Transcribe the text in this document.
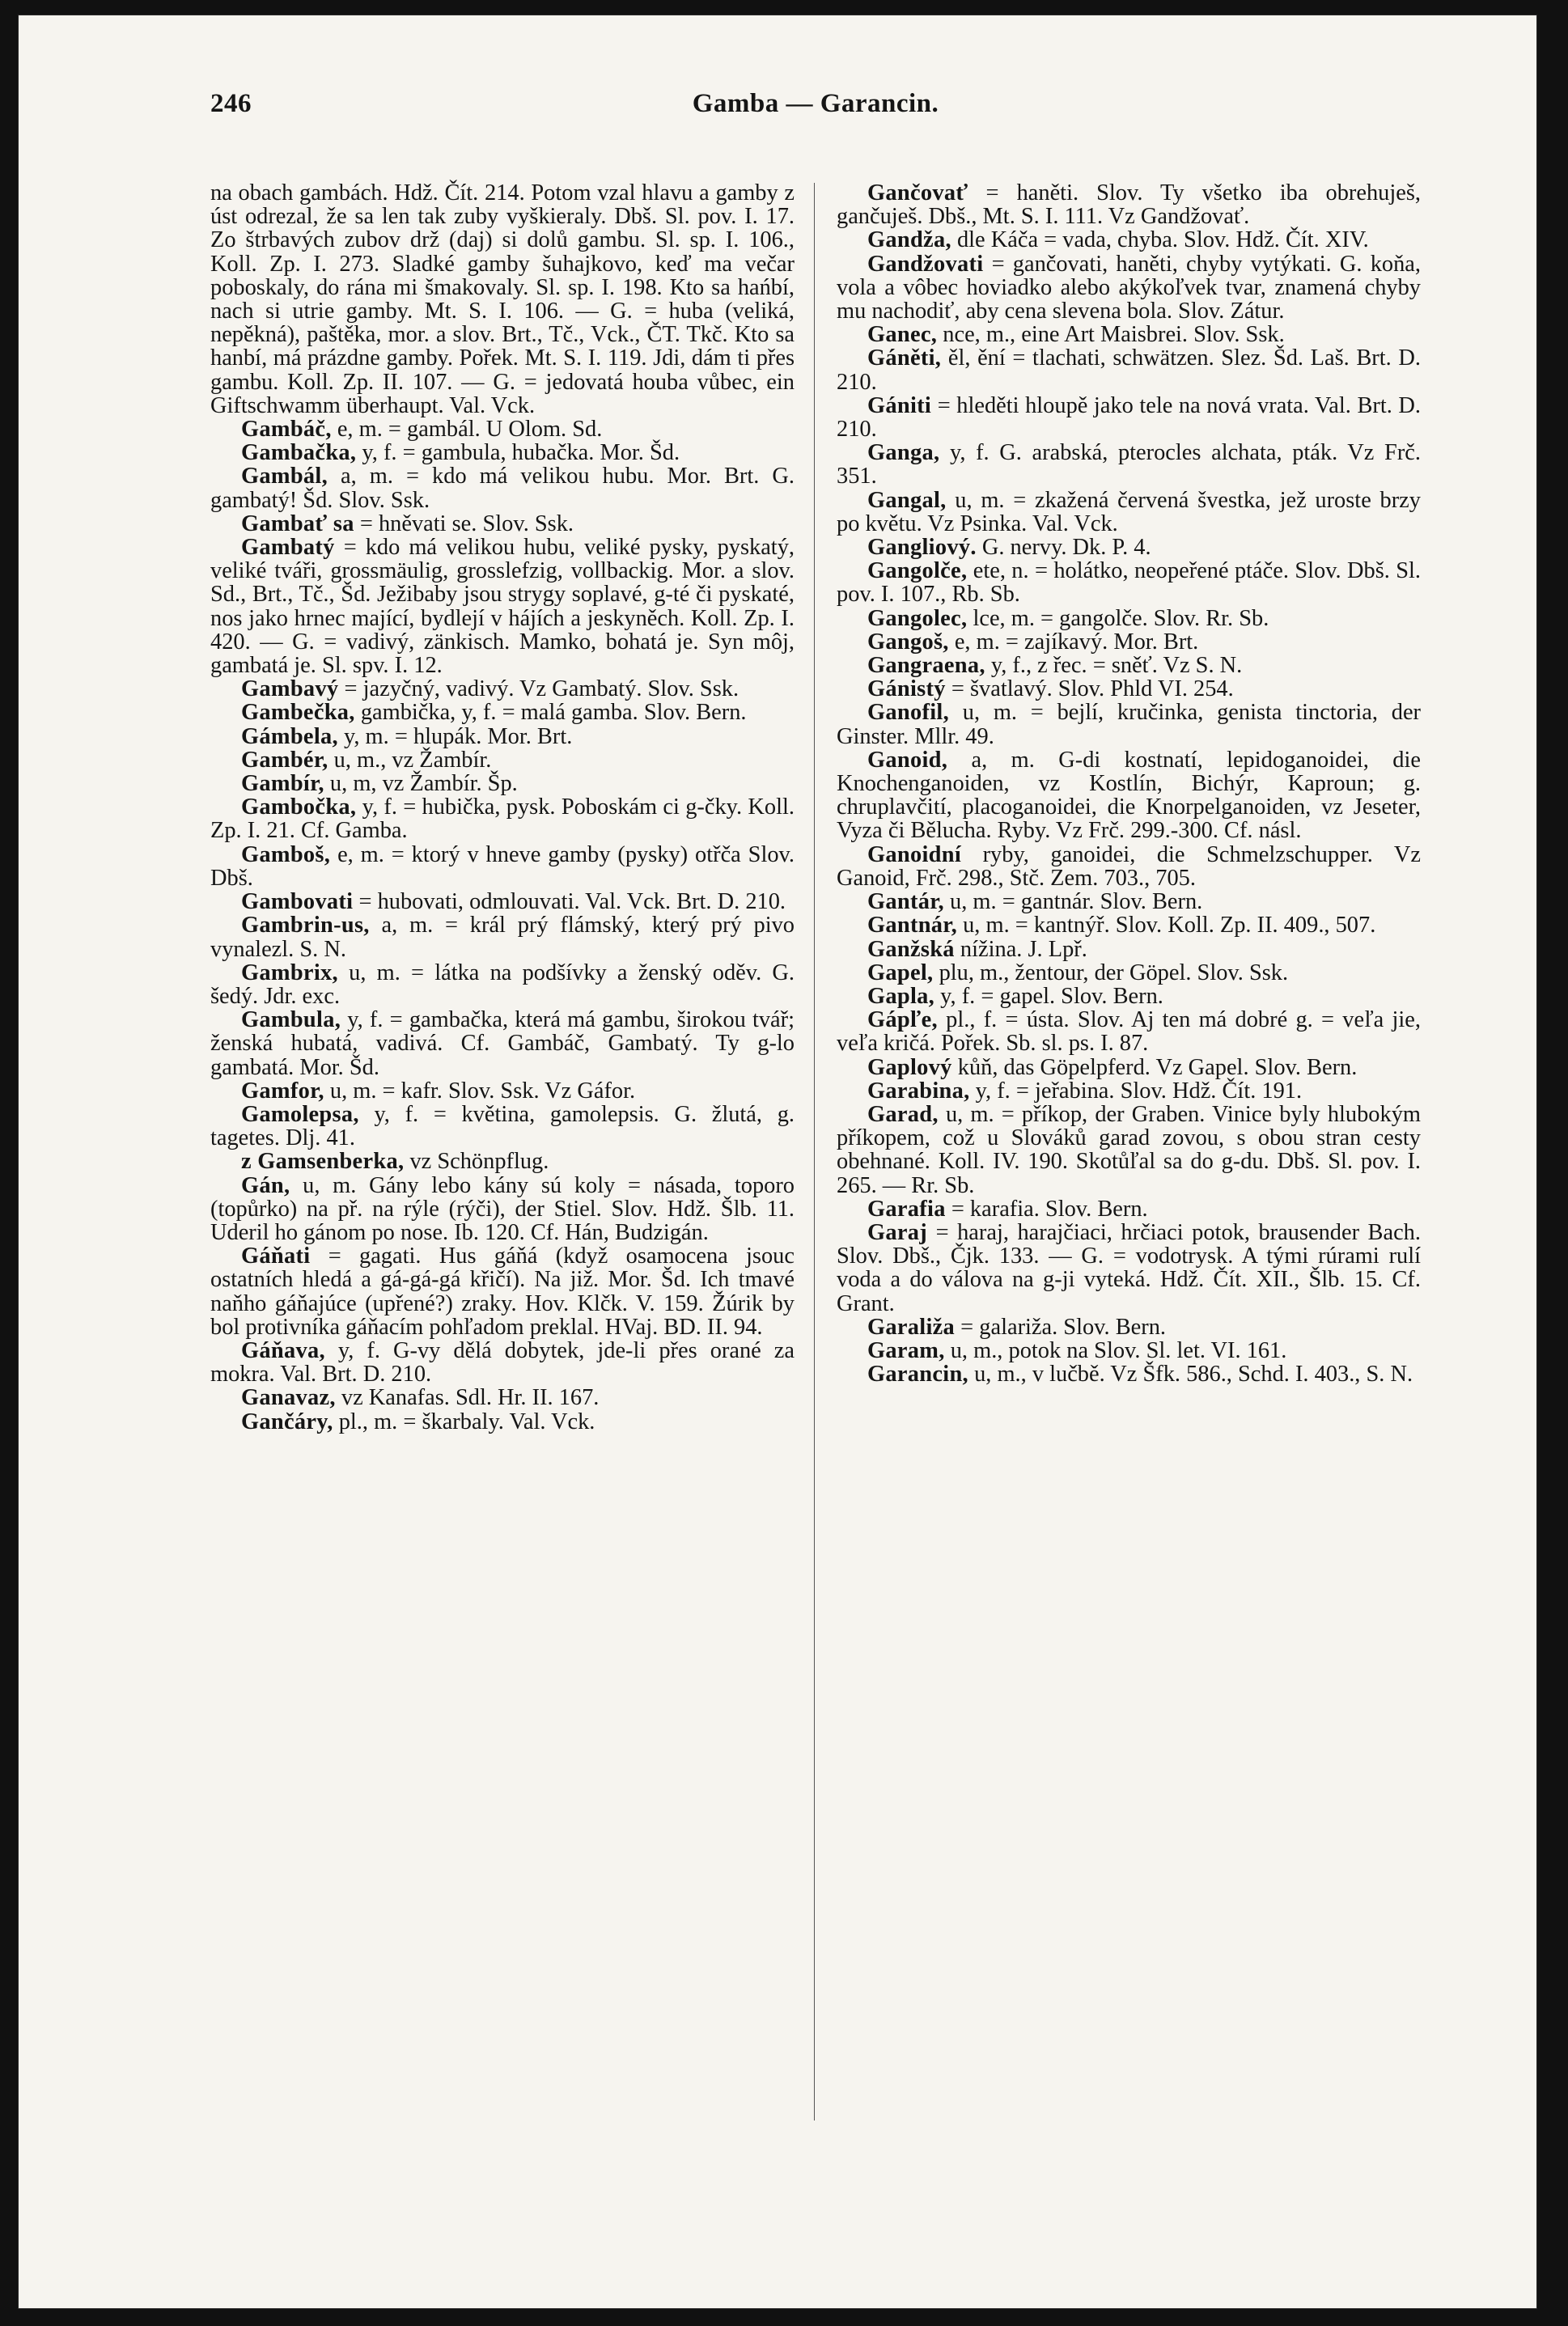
246	Gamba — Garancin.

na obach gambách. Hdž. Čít. 214. Potom vzal hlavu a gamby z úst odrezal, že sa len tak zuby vyškieraly. Dbš. Sl. pov. I. 17. Zo štrbavých zubov drž (daj) si dolů gambu. Sl. sp. I. 106., Koll. Zp. I. 273. Sladké gamby šuhajkovo, keď ma večar poboskaly, do rána mi šmakovaly. Sl. sp. I. 198. Kto sa hańbí, nach si utrie gamby. Mt. S. I. 106. — G. = huba (veliká, nepěkná), paštěka, mor. a slov. Brt., Tč., Vck., ČT. Tkč. Kto sa hanbí, má prázdne gamby. Pořek. Mt. S. I. 119. Jdi, dám ti přes gambu. Koll. Zp. II. 107. — G. = jedovatá houba vůbec, ein Giftschwamm überhaupt. Val. Vck.

Gambáč, e, m. = gambál. U Olom. Sd.

Gambačka, y, f. = gambula, hubačka. Mor. Šd.

Gambál, a, m. = kdo má velikou hubu. Mor. Brt. G. gambatý! Šd. Slov. Ssk.

Gambať sa = hněvati se. Slov. Ssk.

Gambatý = kdo má velikou hubu, veliké pysky, pyskatý, veliké tváři, grossmäulig, grosslefzig, vollbackig. Mor. a slov. Sd., Brt., Tč., Šd. Ježibaby jsou strygy soplavé, g-té či pyskaté, nos jako hrnec mající, bydlejí v hájích a jeskyněch. Koll. Zp. I. 420. — G. = vadivý, zänkisch. Mamko, bohatá je. Syn môj, gambatá je. Sl. spv. I. 12.

Gambavý = jazyčný, vadivý. Vz Gambatý. Slov. Ssk.

Gambečka, gambička, y, f. = malá gamba. Slov. Bern.

Gámbela, y, m. = hlupák. Mor. Brt.

Gambér, u, m., vz Žambír.

Gambír, u, m, vz Žambír. Šp.

Gambočka, y, f. = hubička, pysk. Poboskám ci g-čky. Koll. Zp. I. 21. Cf. Gamba.

Gamboš, e, m. = ktorý v hneve gamby (pysky) otřča Slov. Dbš.

Gambovati = hubovati, odmlouvati. Val. Vck. Brt. D. 210.

Gambrin-us, a, m. = král prý flámský, který prý pivo vynalezl. S. N.

Gambrix, u, m. = látka na podšívky a ženský oděv. G. šedý. Jdr. exc.

Gambula, y, f. = gambačka, která má gambu, širokou tvář; ženská hubatá, vadivá. Cf. Gambáč, Gambatý. Ty g-lo gambatá. Mor. Šd.

Gamfor, u, m. = kafr. Slov. Ssk. Vz Gáfor.

Gamolepsa, y, f. = květina, gamolepsis. G. žlutá, g. tagetes. Dlj. 41.

z Gamsenberka, vz Schönpflug.

Gán, u, m. Gány lebo kány sú koly = násada, toporo (topůrko) na př. na rýle (rýči), der Stiel. Slov. Hdž. Šlb. 11. Uderil ho gánom po nose. Ib. 120. Cf. Hán, Budzigán.

Gáňati = gagati. Hus gáňá (když osamocena jsouc ostatních hledá a gá-gá-gá křičí). Na již. Mor. Šd. Ich tmavé naňho gáňajúce (upřené?) zraky. Hov. Klčk. V. 159. Žúrik by bol protivníka gáňacím pohľadom preklal. HVaj. BD. II. 94.

Gáňava, y, f. G-vy dělá dobytek, jde-li přes orané za mokra. Val. Brt. D. 210.

Ganavaz, vz Kanafas. Sdl. Hr. II. 167.

Gančáry, pl., m. = škarbaly. Val. Vck.

Gančovať = haněti. Slov. Ty všetko iba obrehuješ, gančuješ. Dbš., Mt. S. I. 111. Vz Gandžovať.

Gandža, dle Káča = vada, chyba. Slov. Hdž. Čít. XIV.

Gandžovati = gančovati, haněti, chyby vytýkati. G. koňa, vola a vôbec hoviadko alebo akýkoľvek tvar, znamená chyby mu nachodiť, aby cena slevena bola. Slov. Zátur.

Ganec, nce, m., eine Art Maisbrei. Slov. Ssk.

Gáněti, ěl, ění = tlachati, schwätzen. Slez. Šd. Laš. Brt. D. 210.

Gániti = hleděti hloupě jako tele na nová vrata. Val. Brt. D. 210.

Ganga, y, f. G. arabská, pterocles alchata, pták. Vz Frč. 351.

Gangal, u, m. = zkažená červená švestka, jež uroste brzy po květu. Vz Psinka. Val. Vck.

Gangliový. G. nervy. Dk. P. 4.

Gangolče, ete, n. = holátko, neopeřené ptáče. Slov. Dbš. Sl. pov. I. 107., Rb. Sb.

Gangolec, lce, m. = gangolče. Slov. Rr. Sb.

Gangoš, e, m. = zajíkavý. Mor. Brt.

Gangraena, y, f., z řec. = sněť. Vz S. N.

Gánistý = švatlavý. Slov. Phld VI. 254.

Ganofil, u, m. = bejlí, kručinka, genista tinctoria, der Ginster. Mllr. 49.

Ganoid, a, m. G-di kostnatí, lepidoganoidei, die Knochenganoiden, vz Kostlín, Bichýr, Kaproun; g. chruplavčití, placoganoidei, die Knorpelganoiden, vz Jeseter, Vyza či Běluchа. Ryby. Vz Frč. 299.-300. Cf. násl.

Ganoidní ryby, ganoidei, die Schmelzschupper. Vz Ganoid, Frč. 298., Stč. Zem. 703., 705.

Gantár, u, m. = gantnár. Slov. Bern.

Gantnár, u, m. = kantnýř. Slov. Koll. Zp. II. 409., 507.

Ganžská nížina. J. Lpř.

Gapel, plu, m., žentour, der Göpel. Slov. Ssk.

Gapla, y, f. = gapel. Slov. Bern.

Gápľe, pl., f. = ústa. Slov. Aj ten má dobré g. = veľa jie, veľa kričá. Pořek. Sb. sl. ps. I. 87.

Gaplový kůň, das Göpelpferd. Vz Gapel. Slov. Bern.

Garabina, y, f. = jeřabina. Slov. Hdž. Čít. 191.

Garad, u, m. = příkop, der Graben. Vinice byly hlubokým příkopem, což u Slováků garad zovou, s obou stran cesty obehnané. Koll. IV. 190. Skotůľal sa do g-du. Dbš. Sl. pov. I. 265. — Rr. Sb.

Garafia = karafia. Slov. Bern.

Garaj = haraj, harajčiaci, hrčiaci potok, brausender Bach. Slov. Dbš., Čjk. 133. — G. = vodotrysk. A tými rúrami rulí voda a do válova na g-ji vyteká. Hdž. Čít. XII., Šlb. 15. Cf. Grant.

Garaliža = galariža. Slov. Bern.

Garam, u, m., potok na Slov. Sl. let. VI. 161.

Garancin, u, m., v lučbě. Vz Šfk. 586., Schd. I. 403., S. N.
